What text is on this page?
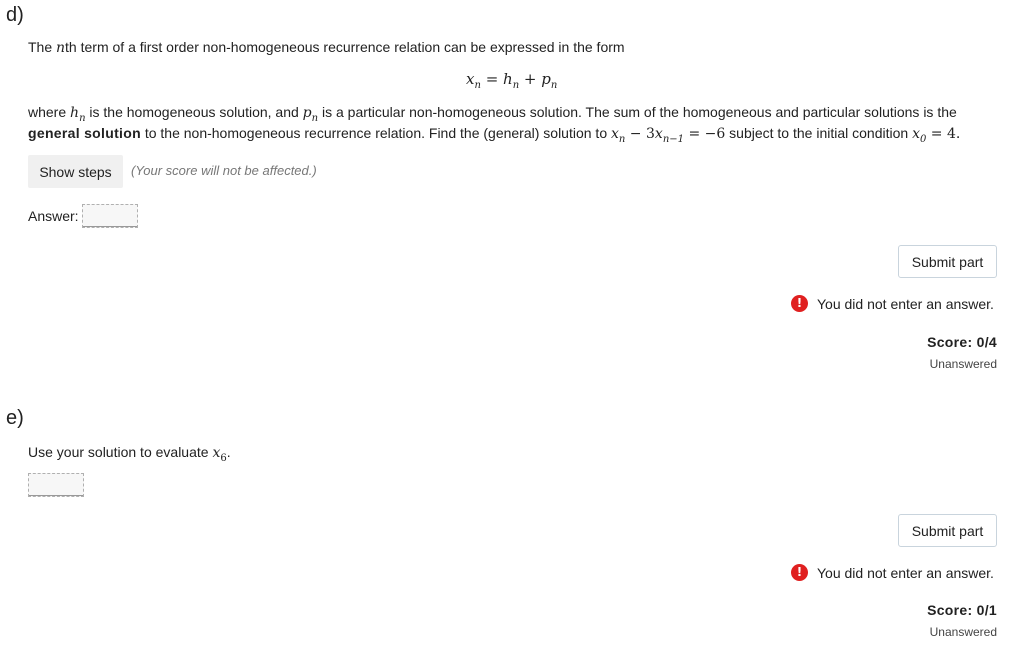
d)
The nth term of a first order non-homogeneous recurrence relation can be expressed in the form
$x_n = h_n + p_n$
where $h_n$ is the homogeneous solution, and $p_n$ is a particular non-homogeneous solution. The sum of the homogeneous and particular solutions is the
general solution to the non-homogeneous recurrence relation. Find the (general) solution to $x_n - 3x_{n-1} = -6$ subject to the initial condition $x_0 = 4$.
Show steps	(Your score will not be affected.)
Answer:
Submit part
!	You did not enter an answer.
Score: 0/4
Unanswered
e)
Use your solution to evaluate $x_6$.
Submit part
!	You did not enter an answer.
Score: 0/1
Unanswered
